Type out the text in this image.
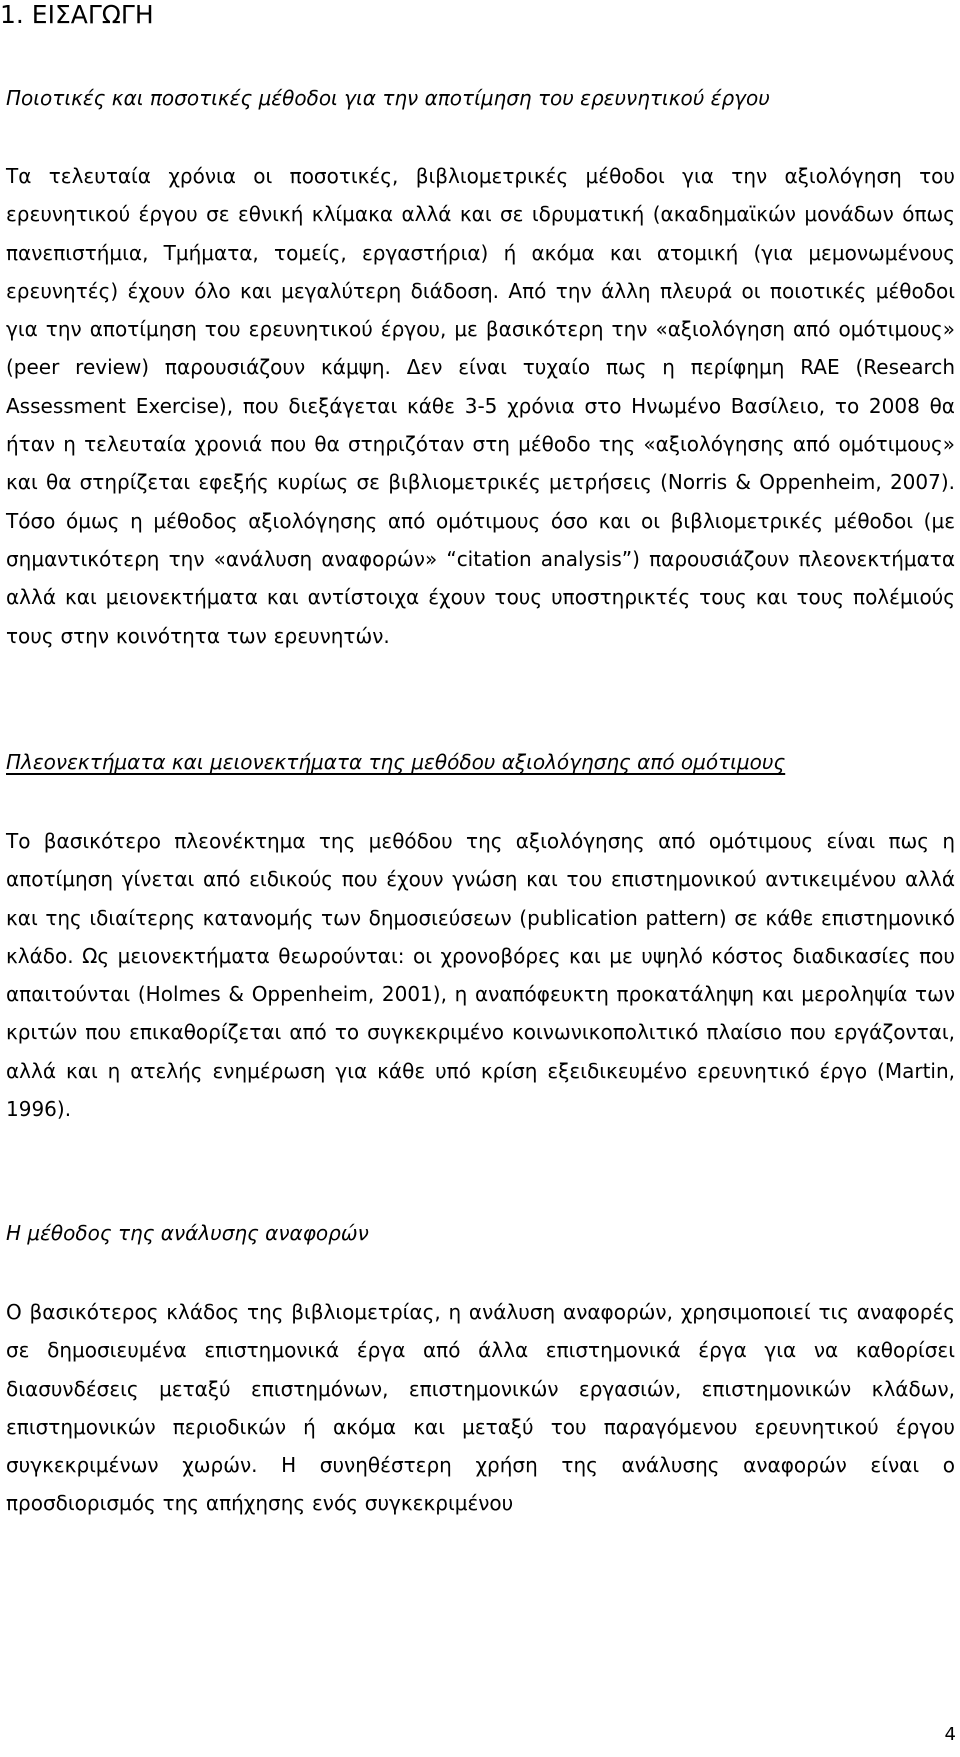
1. ΕΙΣΑΓΩΓΗ
Ποιοτικές και ποσοτικές μέθοδοι για την αποτίμηση του ερευνητικού έργου

Τα τελευταία χρόνια οι ποσοτικές, βιβλιομετρικές μέθοδοι για την αξιολόγηση του ερευνητικού έργου σε εθνική κλίμακα αλλά και σε ιδρυματική (ακαδημαϊκών μονάδων όπως πανεπιστήμια, Τμήματα, τομείς, εργαστήρια) ή ακόμα και ατομική (για μεμονωμένους ερευνητές) έχουν όλο και μεγαλύτερη διάδοση. Από την άλλη πλευρά οι ποιοτικές μέθοδοι για την αποτίμηση του ερευνητικού έργου, με βασικότερη την «αξιολόγηση από ομότιμους» (peer review) παρουσιάζουν κάμψη. Δεν είναι τυχαίο πως η περίφημη RAE (Research Assessment Exercise), που διεξάγεται κάθε 3-5 χρόνια στο Ηνωμένο Βασίλειο, το 2008 θα ήταν η τελευταία χρονιά που θα στηριζόταν στη μέθοδο της «αξιολόγησης από ομότιμους» και θα στηρίζεται εφεξής κυρίως σε βιβλιομετρικές μετρήσεις (Norris & Oppenheim, 2007). Τόσο όμως η μέθοδος αξιολόγησης από ομότιμους όσο και οι βιβλιομετρικές μέθοδοι (με σημαντικότερη την «ανάλυση αναφορών» “citation analysis”) παρουσιάζουν πλεονεκτήματα αλλά και μειονεκτήματα και αντίστοιχα έχουν τους υποστηρικτές τους και τους πολέμιούς τους στην κοινότητα των ερευνητών.

Πλεονεκτήματα και μειονεκτήματα της μεθόδου αξιολόγησης από ομότιμους

Το βασικότερο πλεονέκτημα της μεθόδου της αξιολόγησης από ομότιμους είναι πως η αποτίμηση γίνεται από ειδικούς που έχουν γνώση και του επιστημονικού αντικειμένου αλλά και της ιδιαίτερης κατανομής των δημοσιεύσεων (publication pattern) σε κάθε επιστημονικό κλάδο. Ως μειονεκτήματα θεωρούνται: οι χρονοβόρες και με υψηλό κόστος διαδικασίες που απαιτούνται (Holmes & Oppenheim, 2001), η αναπόφευκτη προκατάληψη και μεροληψία των κριτών που επικαθορίζεται από το συγκεκριμένο κοινωνικοπολιτικό πλαίσιο που εργάζονται, αλλά και η ατελής ενημέρωση για κάθε υπό κρίση εξειδικευμένο ερευνητικό έργο (Martin, 1996).

Η μέθοδος της ανάλυσης αναφορών

Ο βασικότερος κλάδος της βιβλιομετρίας, η ανάλυση αναφορών, χρησιμοποιεί τις αναφορές σε δημοσιευμένα επιστημονικά έργα από άλλα επιστημονικά έργα για να καθορίσει διασυνδέσεις μεταξύ επιστημόνων, επιστημονικών εργασιών, επιστημονικών κλάδων, επιστημονικών περιοδικών ή ακόμα και μεταξύ του παραγόμενου ερευνητικού έργου συγκεκριμένων χωρών. Η συνηθέστερη χρήση της ανάλυσης αναφορών είναι ο προσδιορισμός της απήχησης ενός συγκεκριμένου

4
